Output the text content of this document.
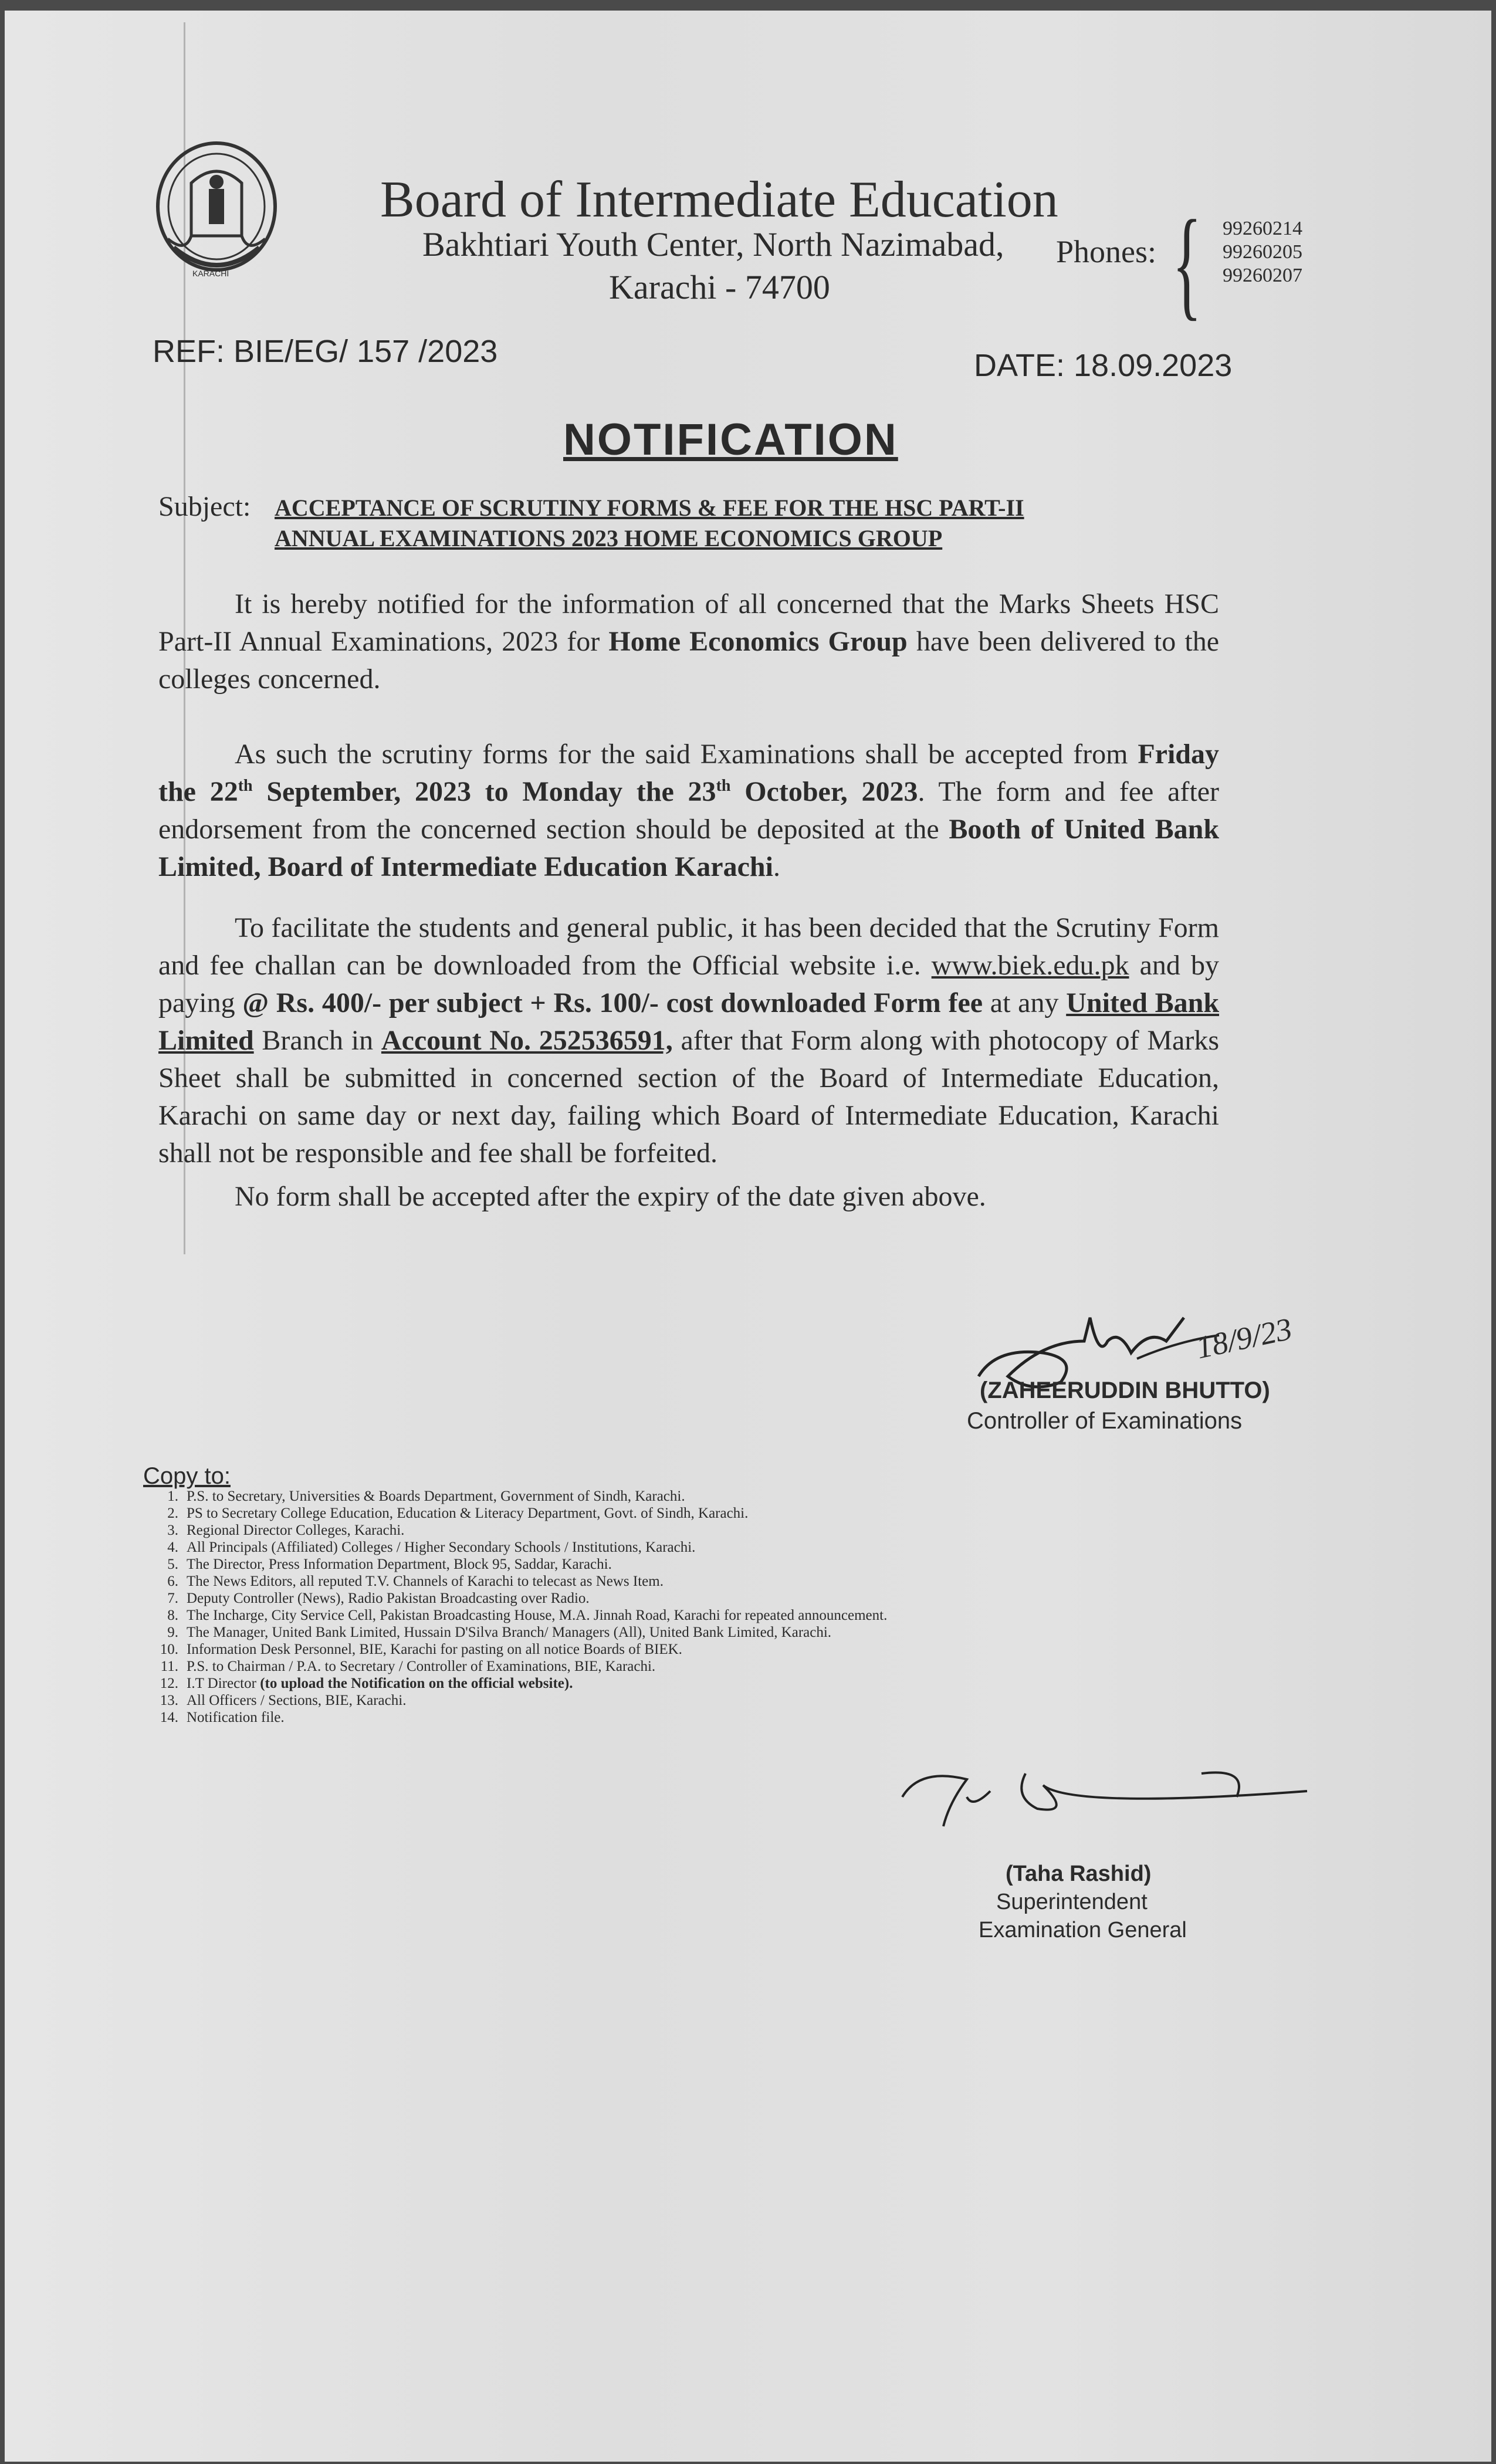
KARACHI
Board of Intermediate Education
Bakhtiari Youth Center, North Nazimabad,
Karachi - 74700
Phones: { 99260214
99260205
99260207
REF: BIE/EG/ 157 /2023	DATE: 18.09.2023
NOTIFICATION
Subject: ACCEPTANCE OF SCRUTINY FORMS & FEE FOR THE HSC PART-II
ANNUAL EXAMINATIONS 2023 HOME ECONOMICS GROUP
It is hereby notified for the information of all concerned that the Marks Sheets HSC Part-II Annual Examinations, 2023 for Home Economics Group have been delivered to the colleges concerned.
As such the scrutiny forms for the said Examinations shall be accepted from Friday the 22th September, 2023 to Monday the 23th October, 2023. The form and fee after endorsement from the concerned section should be deposited at the Booth of United Bank Limited, Board of Intermediate Education Karachi.
To facilitate the students and general public, it has been decided that the Scrutiny Form and fee challan can be downloaded from the Official website i.e. www.biek.edu.pk and by paying @ Rs. 400/- per subject + Rs. 100/- cost downloaded Form fee at any United Bank Limited Branch in Account No. 252536591, after that Form along with photocopy of Marks Sheet shall be submitted in concerned section of the Board of Intermediate Education, Karachi on same day or next day, failing which Board of Intermediate Education, Karachi shall not be responsible and fee shall be forfeited.
No form shall be accepted after the expiry of the date given above.
18/9/23
(ZAHEERUDDIN BHUTTO)
Controller of Examinations
Copy to:
1. P.S. to Secretary, Universities & Boards Department, Government of Sindh, Karachi.
2. PS to Secretary College Education, Education & Literacy Department, Govt. of Sindh, Karachi.
3. Regional Director Colleges, Karachi.
4. All Principals (Affiliated) Colleges / Higher Secondary Schools / Institutions, Karachi.
5. The Director, Press Information Department, Block 95, Saddar, Karachi.
6. The News Editors, all reputed T.V. Channels of Karachi to telecast as News Item.
7. Deputy Controller (News), Radio Pakistan Broadcasting over Radio.
8. The Incharge, City Service Cell, Pakistan Broadcasting House, M.A. Jinnah Road, Karachi for repeated announcement.
9. The Manager, United Bank Limited, Hussain D'Silva Branch/ Managers (All), United Bank Limited, Karachi.
10. Information Desk Personnel, BIE, Karachi for pasting on all notice Boards of BIEK.
11. P.S. to Chairman / P.A. to Secretary / Controller of Examinations, BIE, Karachi.
12. I.T Director (to upload the Notification on the official website).
13. All Officers / Sections, BIE, Karachi.
14. Notification file.
(Taha Rashid)
Superintendent
Examination General
